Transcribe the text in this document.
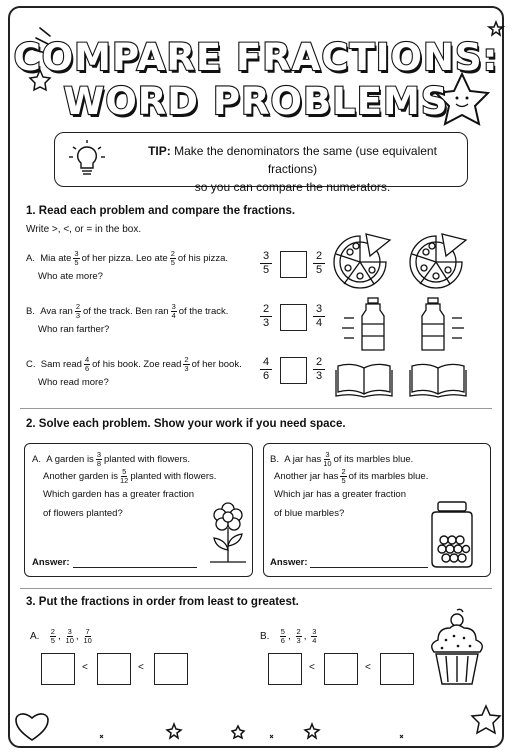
COMPARE FRACTIONS:
WORD PROBLEMS
TIP: Make the denominators the same (use equivalent fractions)
so you can compare the numerators.
1. Read each problem and compare the fractions.
Write >, <, or = in the box.
A. Mia ate $\frac{3}{5}$ of her pizza. Leo ate $\frac{2}{5}$ of his pizza.
Who ate more?	$\frac{3}{5}$	$\frac{2}{5}$
B. Ava ran $\frac{2}{3}$ of the track. Ben ran $\frac{3}{4}$ of the track.
Who ran farther?	$\frac{2}{3}$	$\frac{3}{4}$
C. Sam read $\frac{4}{6}$ of his book. Zoe read $\frac{2}{3}$ of her book.
Who read more?	$\frac{4}{6}$	$\frac{2}{3}$
2. Solve each problem. Show your work if you need space.
A. A garden is $\frac{3}{8}$ planted with flowers.
Another garden is $\frac{5}{12}$ planted with flowers.
Which garden has a greater fraction
of flowers planted?
Answer:
B. A jar has $\frac{3}{10}$ of its marbles blue.
Another jar has $\frac{2}{5}$ of its marbles blue.
Which jar has a greater fraction
of blue marbles?
Answer:
3. Put the fractions in order from least to greatest.
A. $\frac{2}{5}$ , $\frac{3}{10}$ , $\frac{7}{10}$	B. $\frac{5}{6}$ , $\frac{2}{3}$ , $\frac{3}{4}$
<	<	<	<
